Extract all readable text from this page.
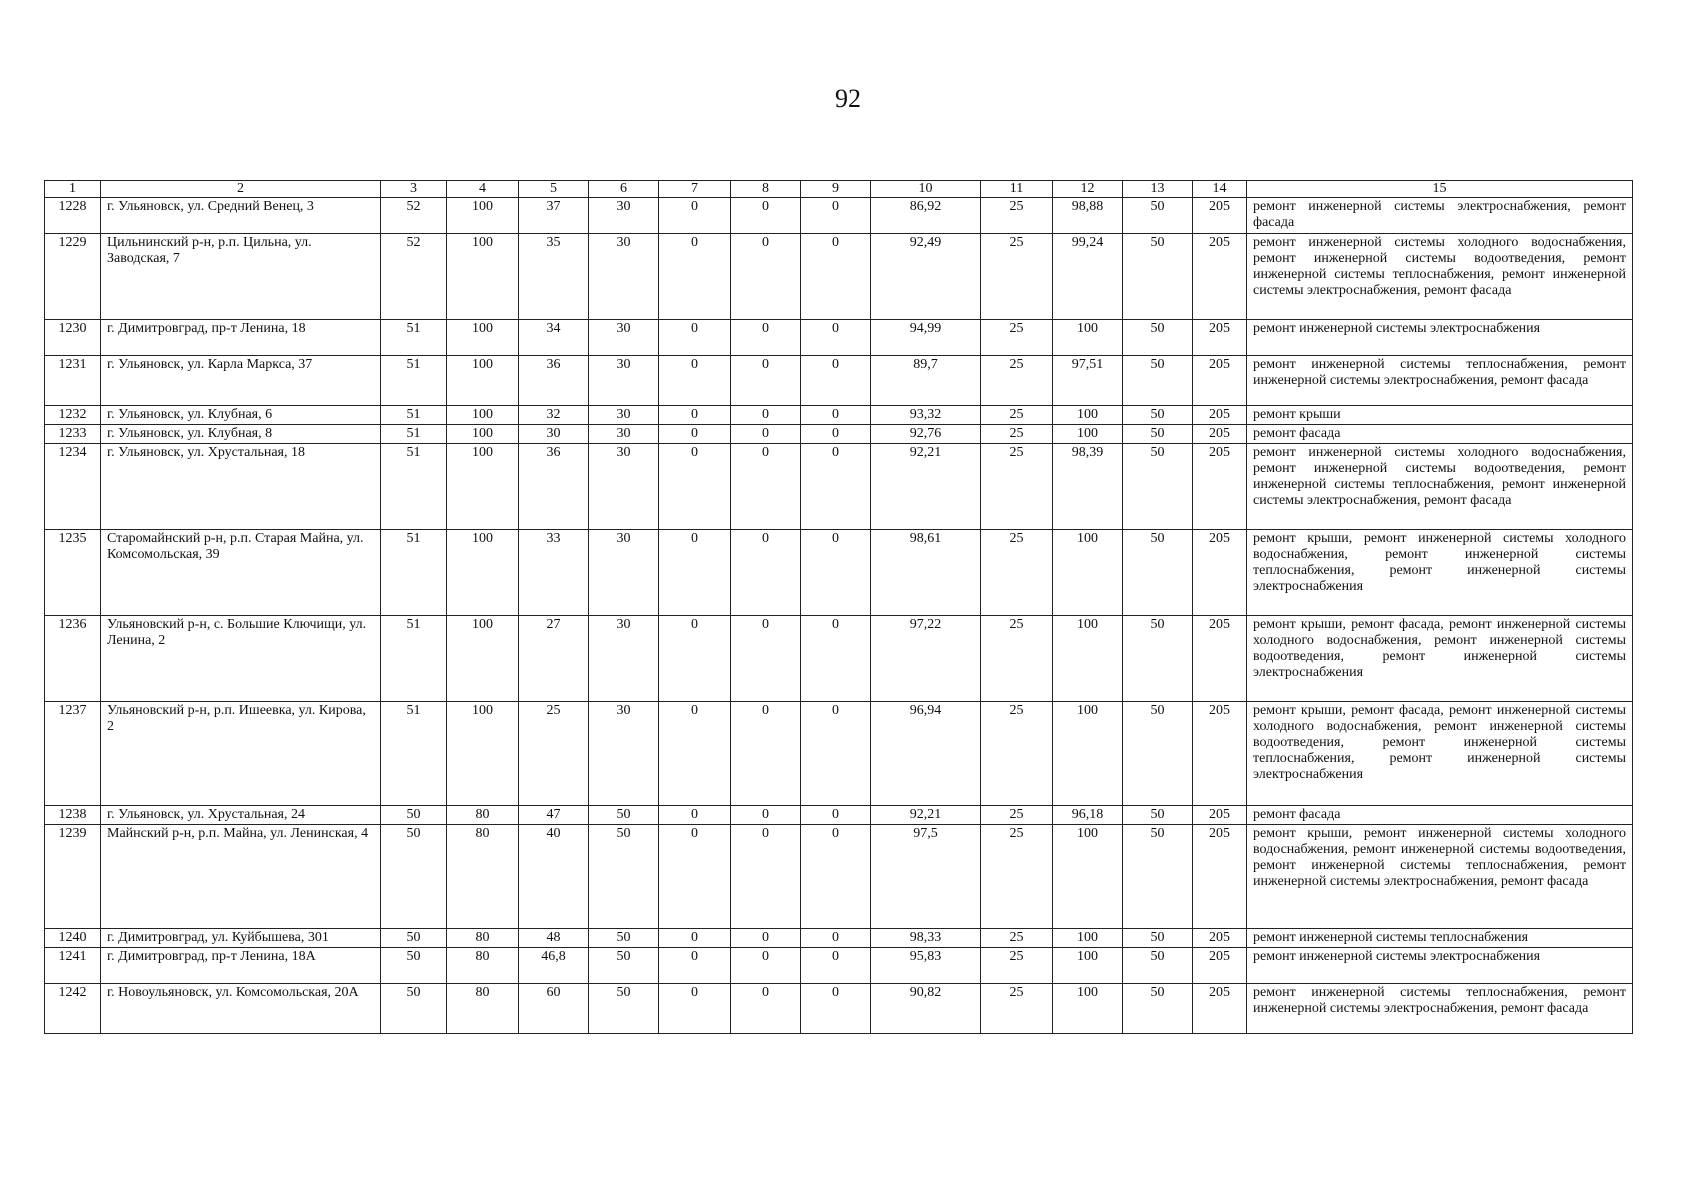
92
1	2	3	4	5	6	7	8	9	10	11	12	13	14	15
1228	г. Ульяновск, ул. Средний Венец, 3	52	100	37	30	0	0	0	86,92	25	98,88	50	205	ремонт инженерной системы электроснабжения, ремонт фасада
1229	Цильнинский р-н, р.п. Цильна, ул. Заводская, 7	52	100	35	30	0	0	0	92,49	25	99,24	50	205	ремонт инженерной системы холодного водоснабжения, ремонт инженерной системы водоотведения, ремонт инженерной системы теплоснабжения, ремонт инженерной системы электроснабжения, ремонт фасада
1230	г. Димитровград, пр-т Ленина, 18	51	100	34	30	0	0	0	94,99	25	100	50	205	ремонт инженерной системы электроснабжения
1231	г. Ульяновск, ул. Карла Маркса, 37	51	100	36	30	0	0	0	89,7	25	97,51	50	205	ремонт инженерной системы теплоснабжения, ремонт инженерной системы электроснабжения, ремонт фасада
1232	г. Ульяновск, ул. Клубная, 6	51	100	32	30	0	0	0	93,32	25	100	50	205	ремонт крыши
1233	г. Ульяновск, ул. Клубная, 8	51	100	30	30	0	0	0	92,76	25	100	50	205	ремонт фасада
1234	г. Ульяновск, ул. Хрустальная, 18	51	100	36	30	0	0	0	92,21	25	98,39	50	205	ремонт инженерной системы холодного водоснабжения, ремонт инженерной системы водоотведения, ремонт инженерной системы теплоснабжения, ремонт инженерной системы электроснабжения, ремонт фасада
1235	Старомайнский р-н, р.п. Старая Майна, ул. Комсомольская, 39	51	100	33	30	0	0	0	98,61	25	100	50	205	ремонт крыши, ремонт инженерной системы холодного водоснабжения, ремонт инженерной системы теплоснабжения, ремонт инженерной системы электроснабжения
1236	Ульяновский р-н, с. Большие Ключищи, ул. Ленина, 2	51	100	27	30	0	0	0	97,22	25	100	50	205	ремонт крыши, ремонт фасада, ремонт инженерной системы холодного водоснабжения, ремонт инженерной системы водоотведения, ремонт инженерной системы электроснабжения
1237	Ульяновский р-н, р.п. Ишеевка, ул. Кирова, 2	51	100	25	30	0	0	0	96,94	25	100	50	205	ремонт крыши, ремонт фасада, ремонт инженерной системы холодного водоснабжения, ремонт инженерной системы водоотведения, ремонт инженерной системы теплоснабжения, ремонт инженерной системы электроснабжения
1238	г. Ульяновск, ул. Хрустальная, 24	50	80	47	50	0	0	0	92,21	25	96,18	50	205	ремонт фасада
1239	Майнский р-н, р.п. Майна, ул. Ленинская, 4	50	80	40	50	0	0	0	97,5	25	100	50	205	ремонт крыши, ремонт инженерной системы холодного водоснабжения, ремонт инженерной системы водоотведения, ремонт инженерной системы теплоснабжения, ремонт инженерной системы электроснабжения, ремонт фасада
1240	г. Димитровград, ул. Куйбышева, 301	50	80	48	50	0	0	0	98,33	25	100	50	205	ремонт инженерной системы теплоснабжения
1241	г. Димитровград, пр-т Ленина, 18А	50	80	46,8	50	0	0	0	95,83	25	100	50	205	ремонт инженерной системы электроснабжения
1242	г. Новоульяновск, ул. Комсомольская, 20А	50	80	60	50	0	0	0	90,82	25	100	50	205	ремонт инженерной системы теплоснабжения, ремонт инженерной системы электроснабжения, ремонт фасада
